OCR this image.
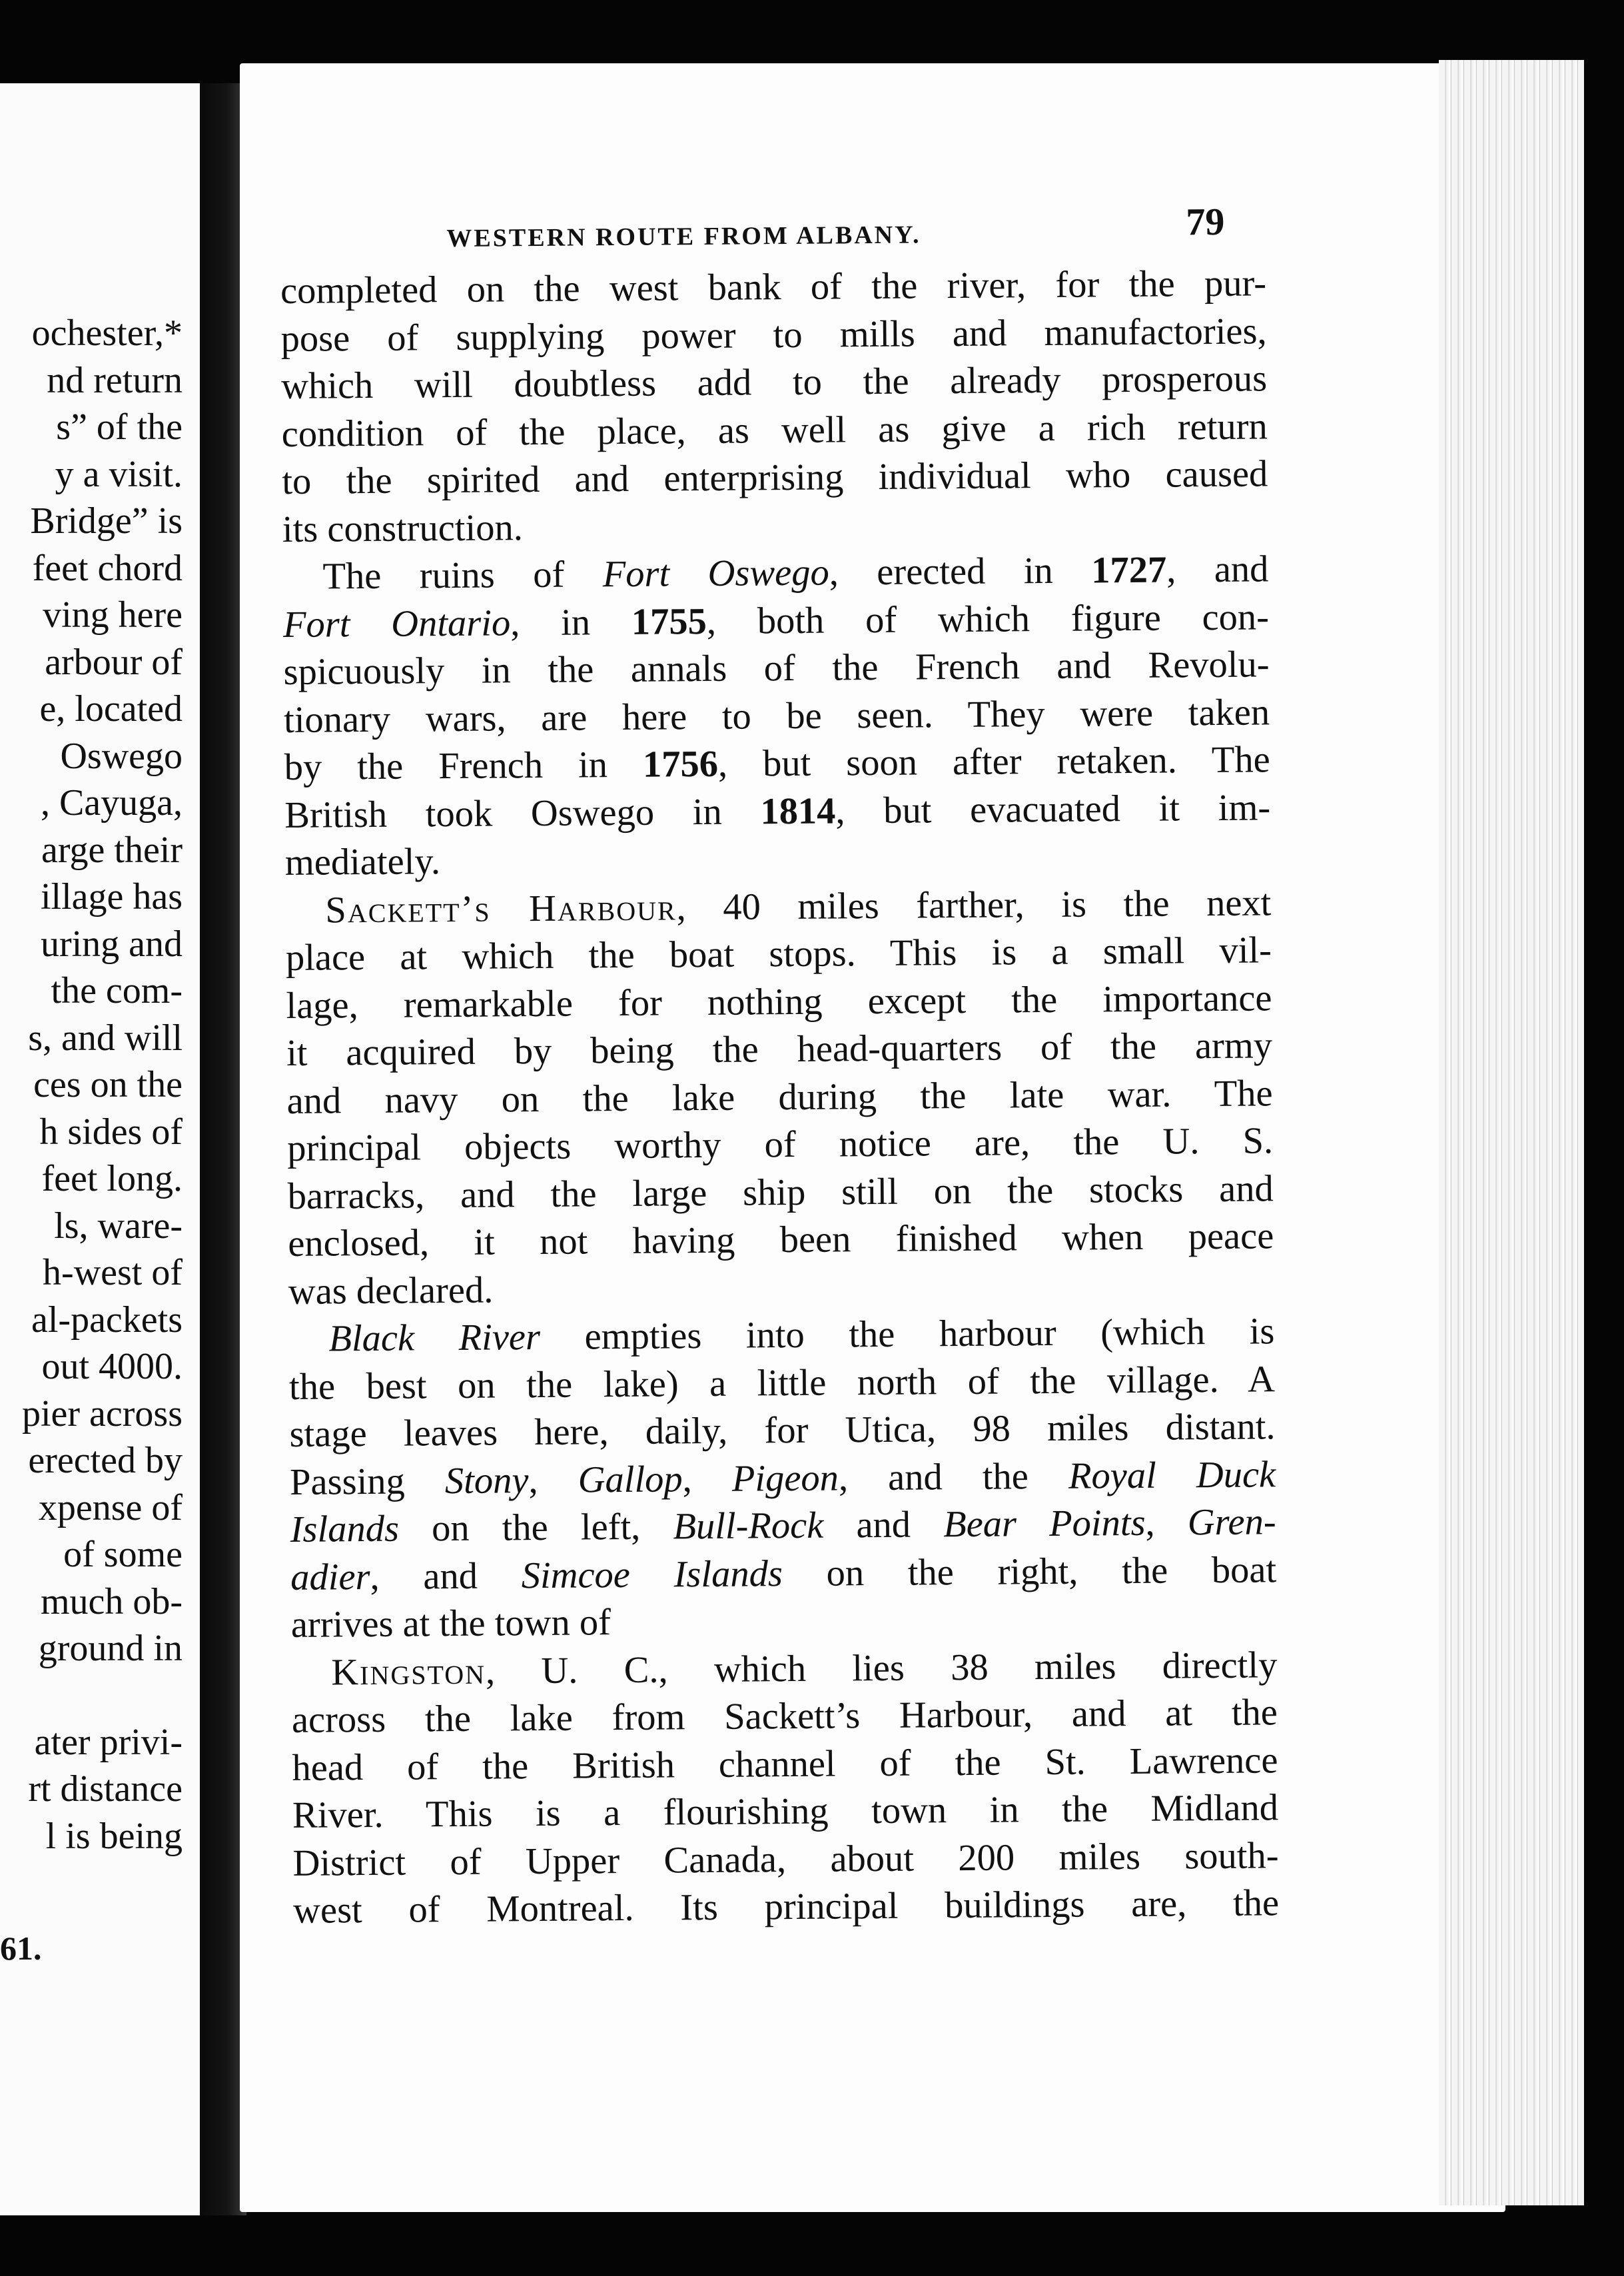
ochester,*
nd return
s” of the
y a visit.
Bridge” is
feet chord
ving here
arbour of
e, located
Oswego
, Cayuga,
arge their
illage has
uring and
the com-
s, and will
ces on the
h sides of
feet long.
ls, ware-
h-west of
al-packets
out 4000.
pier across
erected by
xpense of
of some
much ob-
ground in
ater privi-
rt distance
l is being
61.
WESTERN ROUTE FROM ALBANY.	79

completed on the west bank of the river, for the pur-
pose of supplying power to mills and manufactories,
which will doubtless add to the already prosperous
condition of the place, as well as give a rich return
to the spirited and enterprising individual who caused
its construction.

The ruins of Fort Oswego, erected in 1727, and
Fort Ontario, in 1755, both of which figure con-
spicuously in the annals of the French and Revolu-
tionary wars, are here to be seen. They were taken
by the French in 1756, but soon after retaken. The
British took Oswego in 1814, but evacuated it im-
mediately.

Sackett’s Harbour, 40 miles farther, is the next
place at which the boat stops. This is a small vil-
lage, remarkable for nothing except the importance
it acquired by being the head-quarters of the army
and navy on the lake during the late war. The
principal objects worthy of notice are, the U. S.
barracks, and the large ship still on the stocks and
enclosed, it not having been finished when peace
was declared.

Black River empties into the harbour (which is
the best on the lake) a little north of the village. A
stage leaves here, daily, for Utica, 98 miles distant.
Passing Stony, Gallop, Pigeon, and the Royal Duck
Islands on the left, Bull-Rock and Bear Points, Gren-
adier, and Simcoe Islands on the right, the boat
arrives at the town of

Kingston, U. C., which lies 38 miles directly
across the lake from Sackett’s Harbour, and at the
head of the British channel of the St. Lawrence
River. This is a flourishing town in the Midland
District of Upper Canada, about 200 miles south-
west of Montreal. Its principal buildings are, the
